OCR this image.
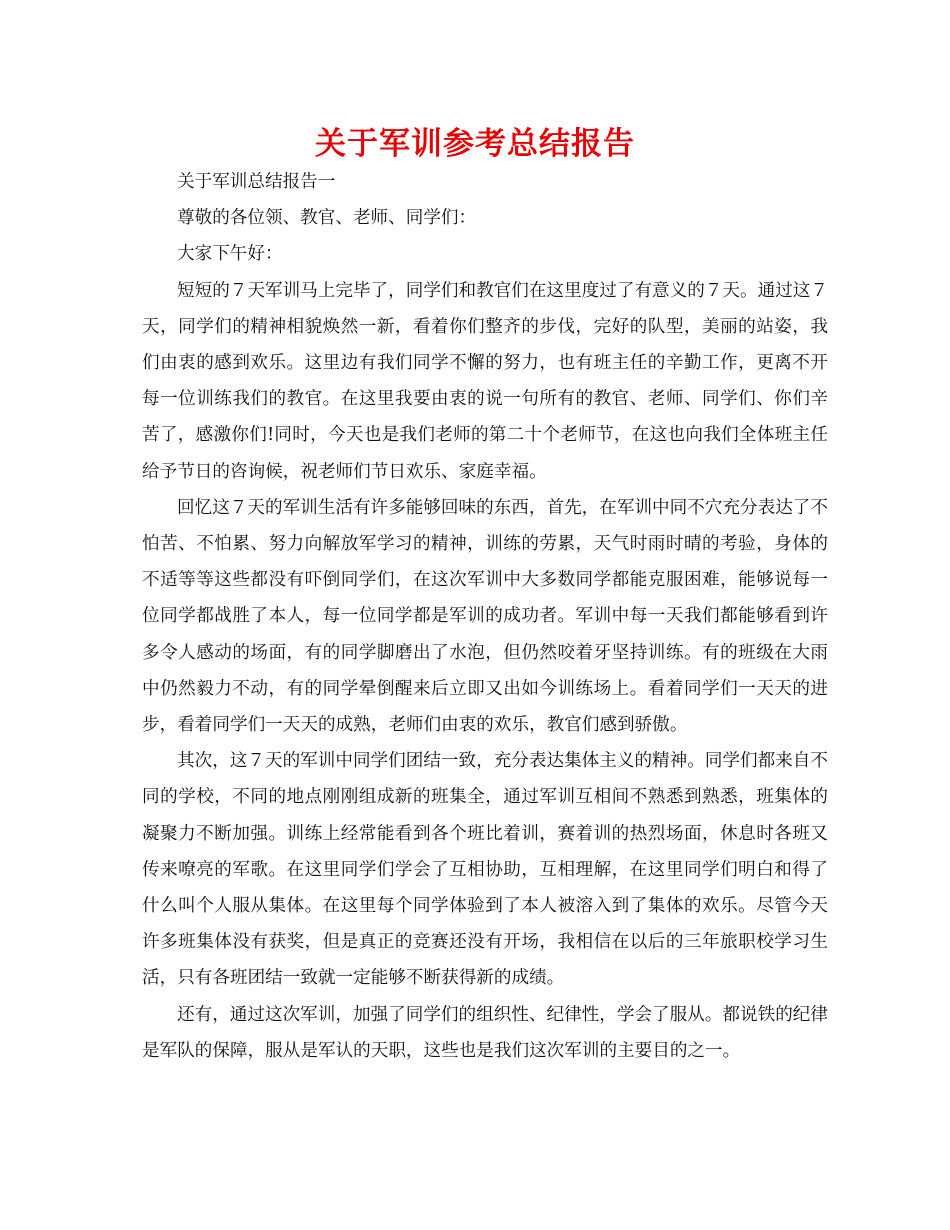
关于军训参考总结报告

关于军训总结报告一

尊敬的各位领、教官、老师、同学们：

大家下午好：

短短的７天军训马上完毕了，同学们和教官们在这里度过了有意义的７天。通过这７天，同学们的精神相貌焕然一新，看着你们整齐的步伐，完好的队型，美丽的站姿，我们由衷的感到欢乐。这里边有我们同学不懈的努力，也有班主任的辛勤工作，更离不开每一位训练我们的教官。在这里我要由衷的说一句所有的教官、老师、同学们、你们辛苦了，感激你们!同时，今天也是我们老师的第二十个老师节，在这也向我们全体班主任给予节日的咨询候，祝老师们节日欢乐、家庭幸福。

回忆这７天的军训生活有许多能够回味的东西，首先，在军训中同不穴充分表达了不怕苦、不怕累、努力向解放军学习的精神，训练的劳累，天气时雨时晴的考验，身体的不适等等这些都没有吓倒同学们，在这次军训中大多数同学都能克服困难，能够说每一位同学都战胜了本人，每一位同学都是军训的成功者。军训中每一天我们都能够看到许多令人感动的场面，有的同学脚磨出了水泡，但仍然咬着牙坚持训练。有的班级在大雨中仍然毅力不动，有的同学晕倒醒来后立即又出如今训练场上。看着同学们一天天的进步，看着同学们一天天的成熟，老师们由衷的欢乐，教官们感到骄傲。

其次，这７天的军训中同学们团结一致，充分表达集体主义的精神。同学们都来自不同的学校，不同的地点刚刚组成新的班集全，通过军训互相间不熟悉到熟悉，班集体的凝聚力不断加强。训练上经常能看到各个班比着训，赛着训的热烈场面，休息时各班又传来嘹亮的军歌。在这里同学们学会了互相协助，互相理解，在这里同学们明白和得了什么叫个人服从集体。在这里每个同学体验到了本人被溶入到了集体的欢乐。尽管今天许多班集体没有获奖，但是真正的竞赛还没有开场，我相信在以后的三年旅职校学习生活，只有各班团结一致就一定能够不断获得新的成绩。

还有，通过这次军训，加强了同学们的组织性、纪律性，学会了服从。都说铁的纪律是军队的保障，服从是军认的天职，这些也是我们这次军训的主要目的之一。
